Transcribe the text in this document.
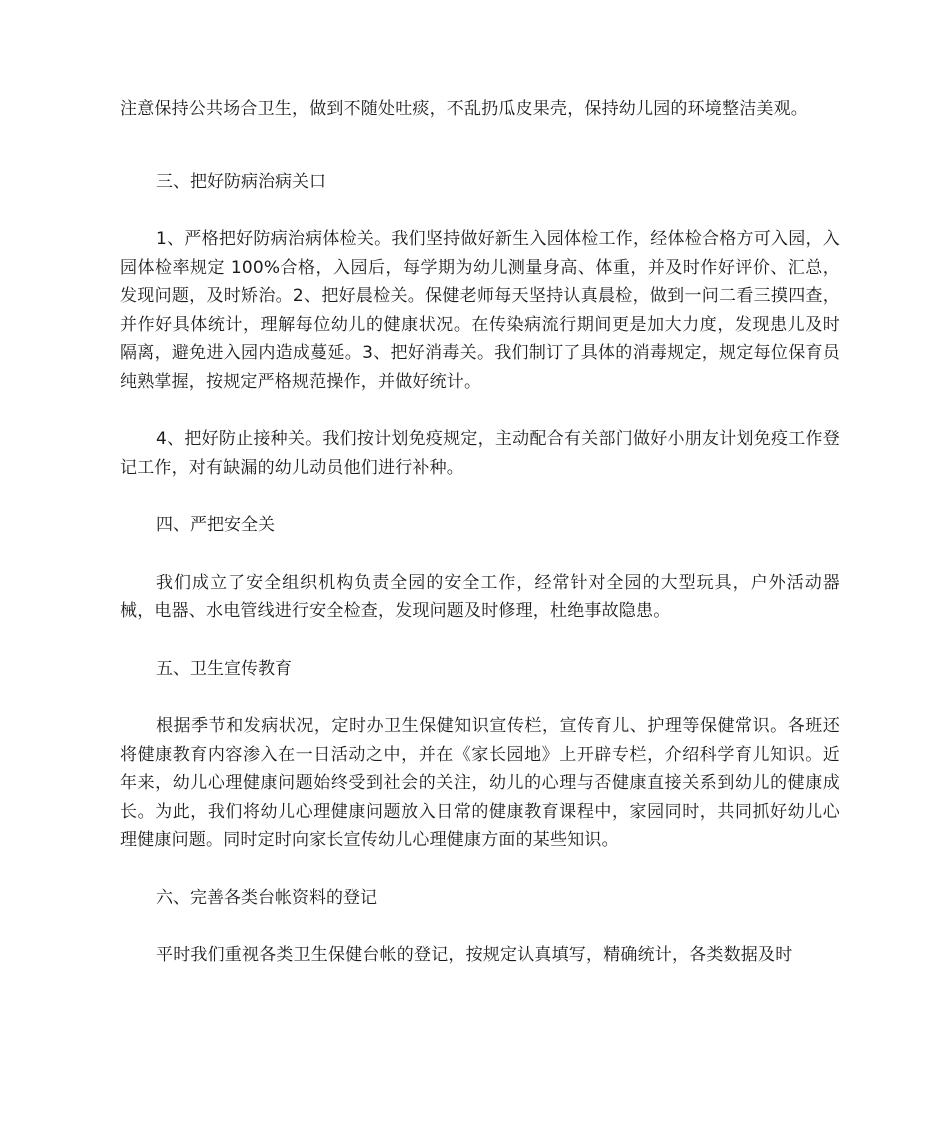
注意保持公共场合卫生，做到不随处吐痰，不乱扔瓜皮果壳，保持幼儿园的环境整洁美观。

三、把好防病治病关口

1、严格把好防病治病体检关。我们坚持做好新生入园体检工作，经体检合格方可入园，入园体检率规定 100%合格，入园后，每学期为幼儿测量身高、体重，并及时作好评价、汇总，发现问题，及时矫治。2、把好晨检关。保健老师每天坚持认真晨检，做到一问二看三摸四查，并作好具体统计，理解每位幼儿的健康状况。在传染病流行期间更是加大力度，发现患儿及时隔离，避免进入园内造成蔓延。3、把好消毒关。我们制订了具体的消毒规定，规定每位保育员纯熟掌握，按规定严格规范操作，并做好统计。

4、把好防止接种关。我们按计划免疫规定，主动配合有关部门做好小朋友计划免疫工作登记工作，对有缺漏的幼儿动员他们进行补种。

四、严把安全关

我们成立了安全组织机构负责全园的安全工作，经常针对全园的大型玩具，户外活动器械，电器、水电管线进行安全检查，发现问题及时修理，杜绝事故隐患。

五、卫生宣传教育

根据季节和发病状况，定时办卫生保健知识宣传栏，宣传育儿、护理等保健常识。各班还将健康教育内容渗入在一日活动之中，并在《家长园地》上开辟专栏，介绍科学育儿知识。近年来，幼儿心理健康问题始终受到社会的关注，幼儿的心理与否健康直接关系到幼儿的健康成长。为此，我们将幼儿心理健康问题放入日常的健康教育课程中，家园同时，共同抓好幼儿心理健康问题。同时定时向家长宣传幼儿心理健康方面的某些知识。

六、完善各类台帐资料的登记

平时我们重视各类卫生保健台帐的登记，按规定认真填写，精确统计，各类数据及时
